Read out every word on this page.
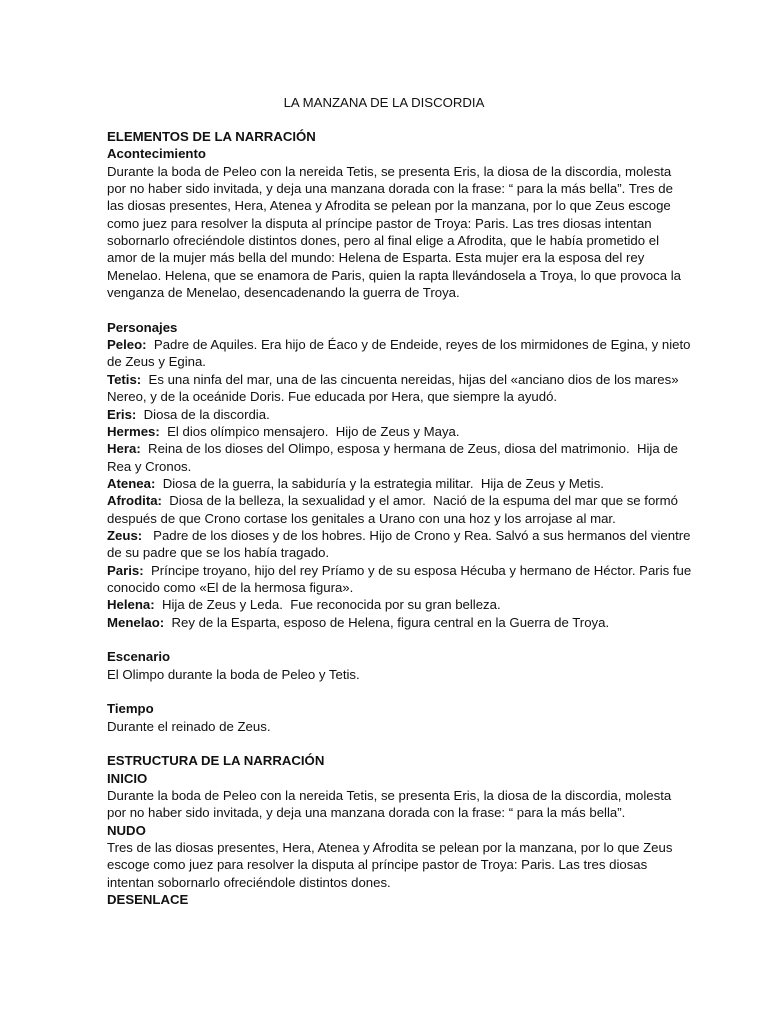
LA MANZANA DE LA DISCORDIA
ELEMENTOS DE LA NARRACIÓN
Acontecimiento
Durante la boda de Peleo con la nereida Tetis, se presenta Eris, la diosa de la discordia, molesta
por no haber sido invitada, y deja una manzana dorada con la frase: “ para la más bella”. Tres de
las diosas presentes, Hera, Atenea y Afrodita se pelean por la manzana, por lo que Zeus escoge
como juez para resolver la disputa al príncipe pastor de Troya: Paris. Las tres diosas intentan
sobornarlo ofreciéndole distintos dones, pero al final elige a Afrodita, que le había prometido el
amor de la mujer más bella del mundo: Helena de Esparta. Esta mujer era la esposa del rey
Menelao. Helena, que se enamora de Paris, quien la rapta llevándosela a Troya, lo que provoca la
venganza de Menelao, desencadenando la guerra de Troya.
Personajes
Peleo:  Padre de Aquiles. Era hijo de Éaco y de Endeide, reyes de los mirmidones de Egina, y nieto
de Zeus y Egina.
Tetis:  Es una ninfa del mar, una de las cincuenta nereidas, hijas del «anciano dios de los mares»
Nereo, y de la oceánide Doris. Fue educada por Hera, que siempre la ayudó.
Eris:  Diosa de la discordia.
Hermes:  El dios olímpico mensajero.  Hijo de Zeus y Maya.
Hera:  Reina de los dioses del Olimpo, esposa y hermana de Zeus, diosa del matrimonio.  Hija de
Rea y Cronos.
Atenea:  Diosa de la guerra, la sabiduría y la estrategia militar.  Hija de Zeus y Metis.
Afrodita:  Diosa de la belleza, la sexualidad y el amor.  Nació de la espuma del mar que se formó
después de que Crono cortase los genitales a Urano con una hoz y los arrojase al mar.
Zeus:   Padre de los dioses y de los hobres. Hijo de Crono y Rea. Salvó a sus hermanos del vientre
de su padre que se los había tragado.
Paris:  Príncipe troyano, hijo del rey Príamo y de su esposa Hécuba y hermano de Héctor. Paris fue
conocido como «El de la hermosa figura».
Helena:  Hija de Zeus y Leda.  Fue reconocida por su gran belleza.
Menelao:  Rey de la Esparta, esposo de Helena, figura central en la Guerra de Troya.
Escenario
El Olimpo durante la boda de Peleo y Tetis.
Tiempo
Durante el reinado de Zeus.
ESTRUCTURA DE LA NARRACIÓN
INICIO
Durante la boda de Peleo con la nereida Tetis, se presenta Eris, la diosa de la discordia, molesta
por no haber sido invitada, y deja una manzana dorada con la frase: “ para la más bella”.
NUDO
Tres de las diosas presentes, Hera, Atenea y Afrodita se pelean por la manzana, por lo que Zeus
escoge como juez para resolver la disputa al príncipe pastor de Troya: Paris. Las tres diosas
intentan sobornarlo ofreciéndole distintos dones.
DESENLACE
